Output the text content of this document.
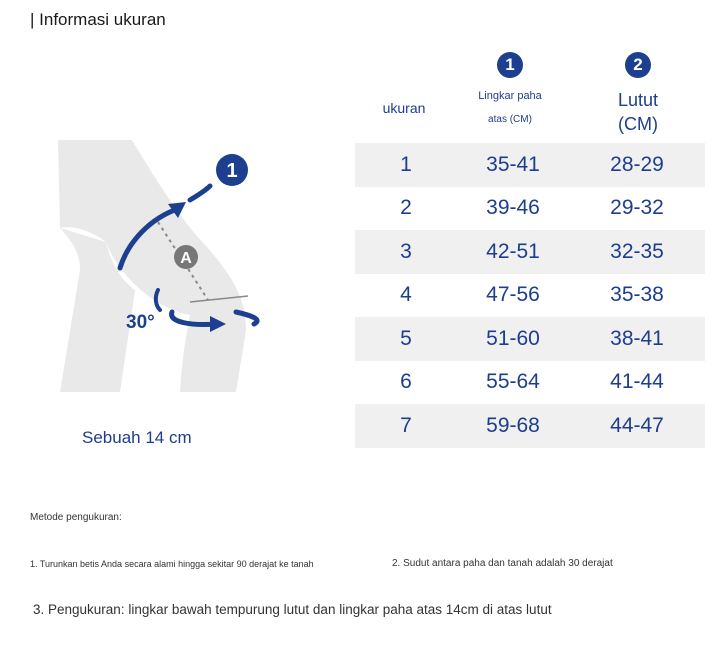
| Informasi ukuran
A
1
30°
Sebuah 14 cm
ukuran
1
Lingkar paha
atas (CM)
2
Lutut
(CM)
1	35-41	28-29
2	39-46	29-32
3	42-51	32-35
4	47-56	35-38
5	51-60	38-41
6	55-64	41-44
7	59-68	44-47
Metode pengukuran:
1. Turunkan betis Anda secara alami hingga sekitar 90 derajat ke tanah	2. Sudut antara paha dan tanah adalah 30 derajat
3. Pengukuran: lingkar bawah tempurung lutut dan lingkar paha atas 14cm di atas lutut
